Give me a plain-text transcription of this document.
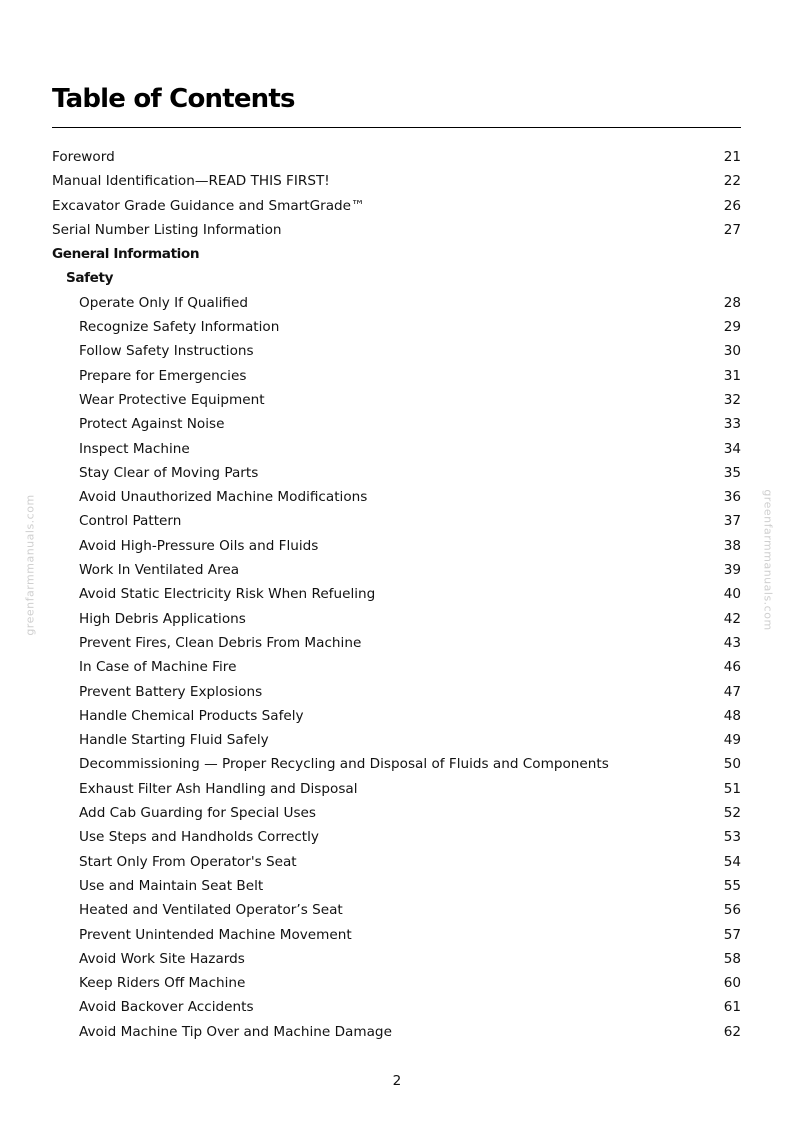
greenfarmmanuals.com	greenfarmmanuals.com
Table of Contents
Foreword	21
Manual Identification—READ THIS FIRST!	22
Excavator Grade Guidance and SmartGrade™	26
Serial Number Listing Information	27
General Information
Safety
Operate Only If Qualified	28
Recognize Safety Information	29
Follow Safety Instructions	30
Prepare for Emergencies	31
Wear Protective Equipment	32
Protect Against Noise	33
Inspect Machine	34
Stay Clear of Moving Parts	35
Avoid Unauthorized Machine Modifications	36
Control Pattern	37
Avoid High-Pressure Oils and Fluids	38
Work In Ventilated Area	39
Avoid Static Electricity Risk When Refueling	40
High Debris Applications	42
Prevent Fires, Clean Debris From Machine	43
In Case of Machine Fire	46
Prevent Battery Explosions	47
Handle Chemical Products Safely	48
Handle Starting Fluid Safely	49
Decommissioning — Proper Recycling and Disposal of Fluids and Components	50
Exhaust Filter Ash Handling and Disposal	51
Add Cab Guarding for Special Uses	52
Use Steps and Handholds Correctly	53
Start Only From Operator's Seat	54
Use and Maintain Seat Belt	55
Heated and Ventilated Operator’s Seat	56
Prevent Unintended Machine Movement	57
Avoid Work Site Hazards	58
Keep Riders Off Machine	60
Avoid Backover Accidents	61
Avoid Machine Tip Over and Machine Damage	62
2
